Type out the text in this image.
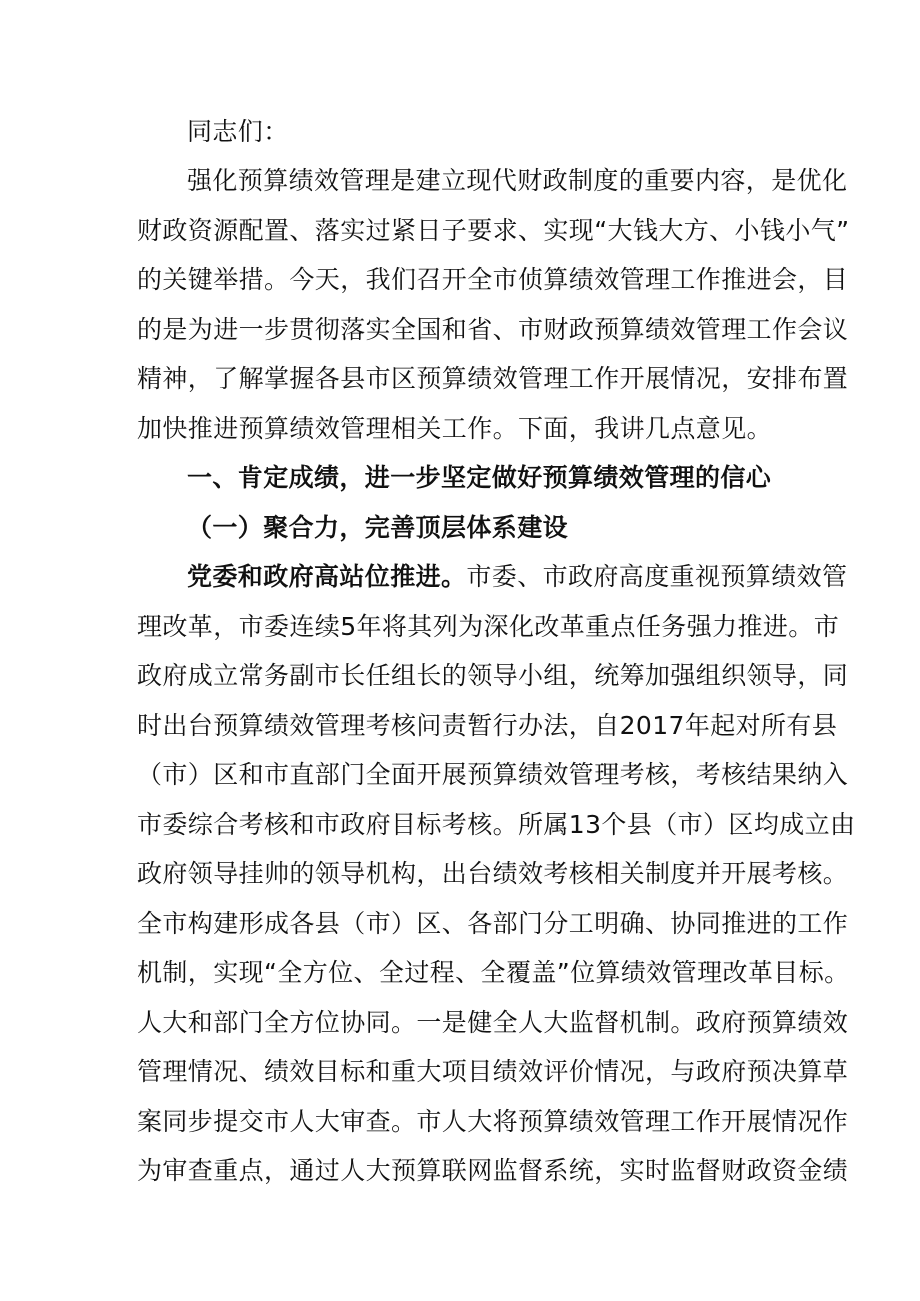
同志们：
强化预算绩效管理是建立现代财政制度的重要内容，是优化
财政资源配置、落实过紧日子要求、实现“大钱大方、小钱小气”
的关键举措。今天，我们召开全市侦算绩效管理工作推进会，目
的是为进一步贯彻落实全国和省、市财政预算绩效管理工作会议
精神，了解掌握各县市区预算绩效管理工作开展情况，安排布置
加快推进预算绩效管理相关工作。下面，我讲几点意见。
一、肯定成绩，进一步坚定做好预算绩效管理的信心
（一）聚合力，完善顶层体系建设
党委和政府高站位推进。 市委、市政府高度重视预算绩效管
理改革，市委连续5年将其列为深化改革重点任务强力推进。市
政府成立常务副市长任组长的领导小组，统筹加强组织领导，同
时出台预算绩效管理考核问责暂行办法，自2017年起对所有县
（市）区和市直部门全面开展预算绩效管理考核，考核结果纳入
市委综合考核和市政府目标考核。所属13个县（市）区均成立由
政府领导挂帅的领导机构，出台绩效考核相关制度并开展考核。
全市构建形成各县（市）区、各部门分工明确、协同推进的工作
机制，实现“全方位、全过程、全覆盖”位算绩效管理改革目标。
人大和部门全方位协同。一是健全人大监督机制。政府预算绩效
管理情况、绩效目标和重大项目绩效评价情况，与政府预决算草
案同步提交市人大审查。市人大将预算绩效管理工作开展情况作
为审查重点，通过人大预算联网监督系统，实时监督财政资金绩
